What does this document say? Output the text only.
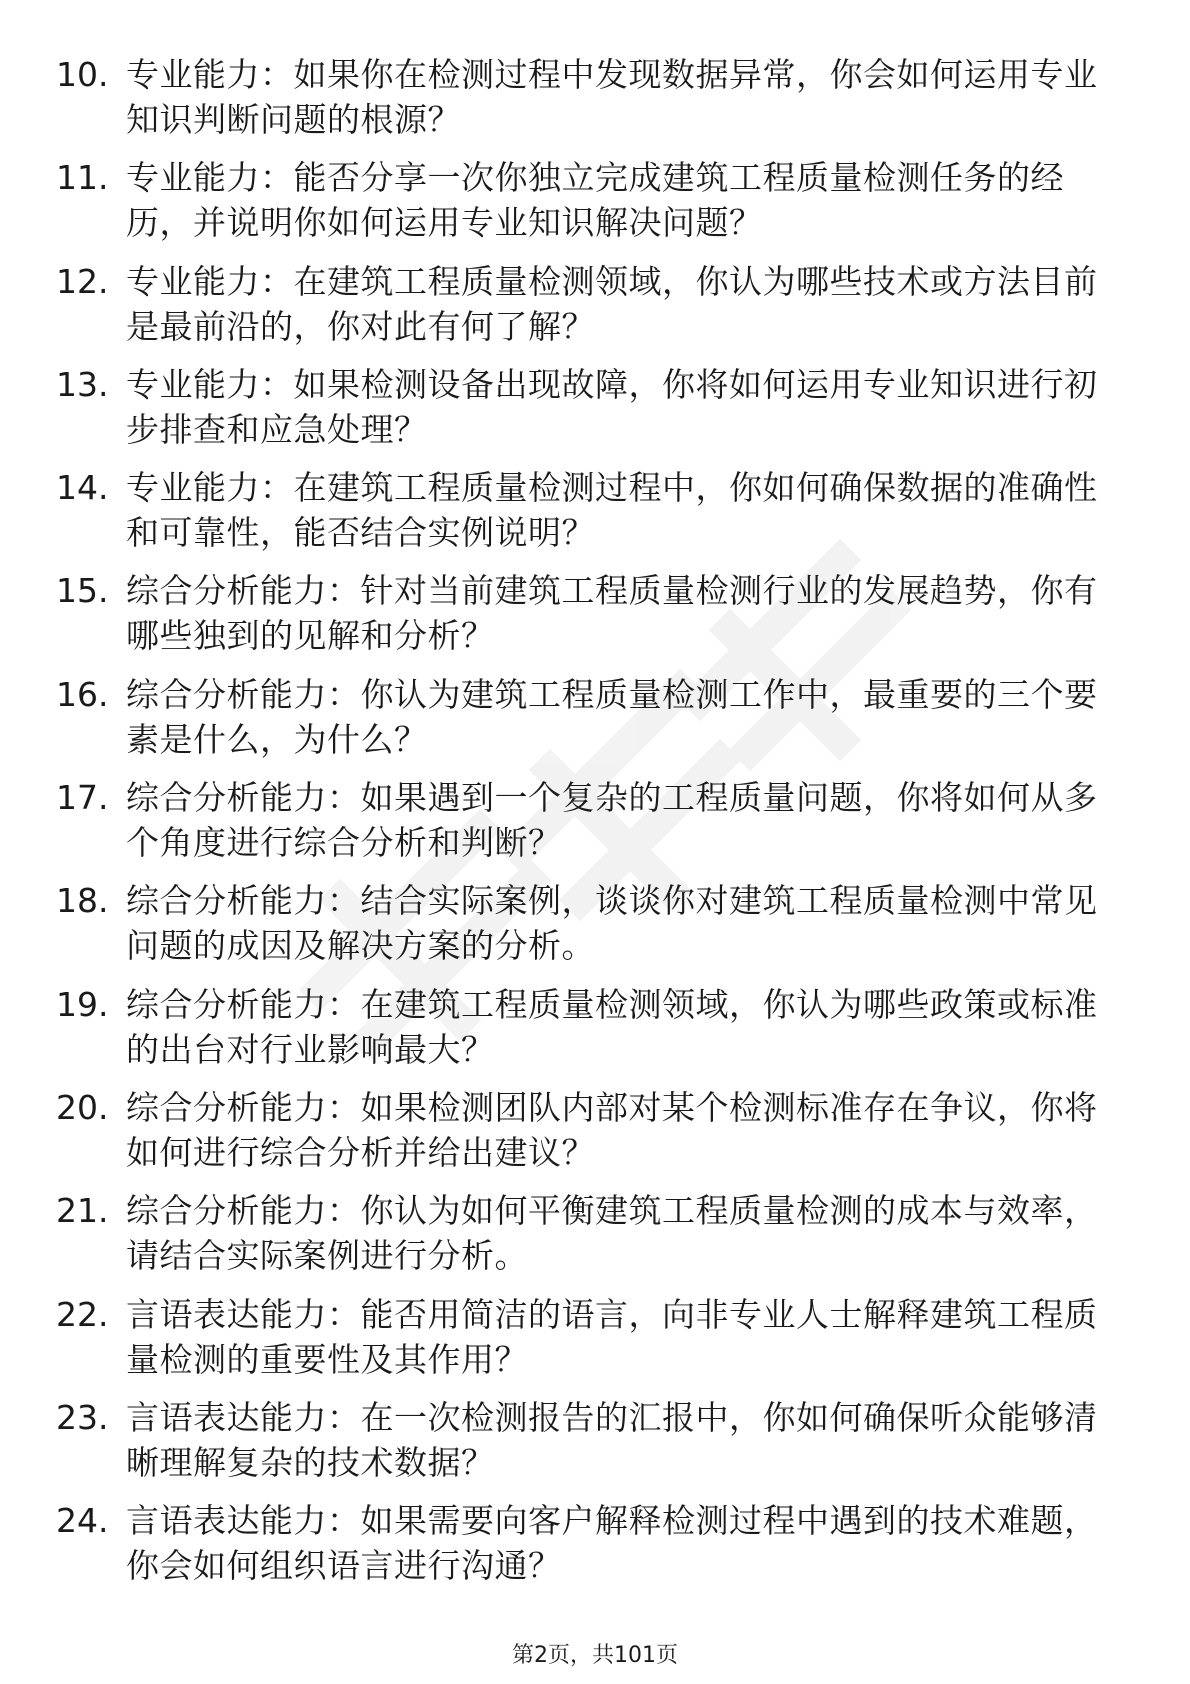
10. 专业能力：如果你在检测过程中发现数据异常，你会如何运用专业知识判断问题的根源？
11. 专业能力：能否分享一次你独立完成建筑工程质量检测任务的经历，并说明你如何运用专业知识解决问题？
12. 专业能力：在建筑工程质量检测领域，你认为哪些技术或方法目前是最前沿的，你对此有何了解？
13. 专业能力：如果检测设备出现故障，你将如何运用专业知识进行初步排查和应急处理？
14. 专业能力：在建筑工程质量检测过程中，你如何确保数据的准确性和可靠性，能否结合实例说明？
15. 综合分析能力：针对当前建筑工程质量检测行业的发展趋势，你有哪些独到的见解和分析？
16. 综合分析能力：你认为建筑工程质量检测工作中，最重要的三个要素是什么，为什么？
17. 综合分析能力：如果遇到一个复杂的工程质量问题，你将如何从多个角度进行综合分析和判断？
18. 综合分析能力：结合实际案例，谈谈你对建筑工程质量检测中常见问题的成因及解决方案的分析。
19. 综合分析能力：在建筑工程质量检测领域，你认为哪些政策或标准的出台对行业影响最大？
20. 综合分析能力：如果检测团队内部对某个检测标准存在争议，你将如何进行综合分析并给出建议？
21. 综合分析能力：你认为如何平衡建筑工程质量检测的成本与效率，请结合实际案例进行分析。
22. 言语表达能力：能否用简洁的语言，向非专业人士解释建筑工程质量检测的重要性及其作用？
23. 言语表达能力：在一次检测报告的汇报中，你如何确保听众能够清晰理解复杂的技术数据？
24. 言语表达能力：如果需要向客户解释检测过程中遇到的技术难题，你会如何组织语言进行沟通？
第2页，共101页
